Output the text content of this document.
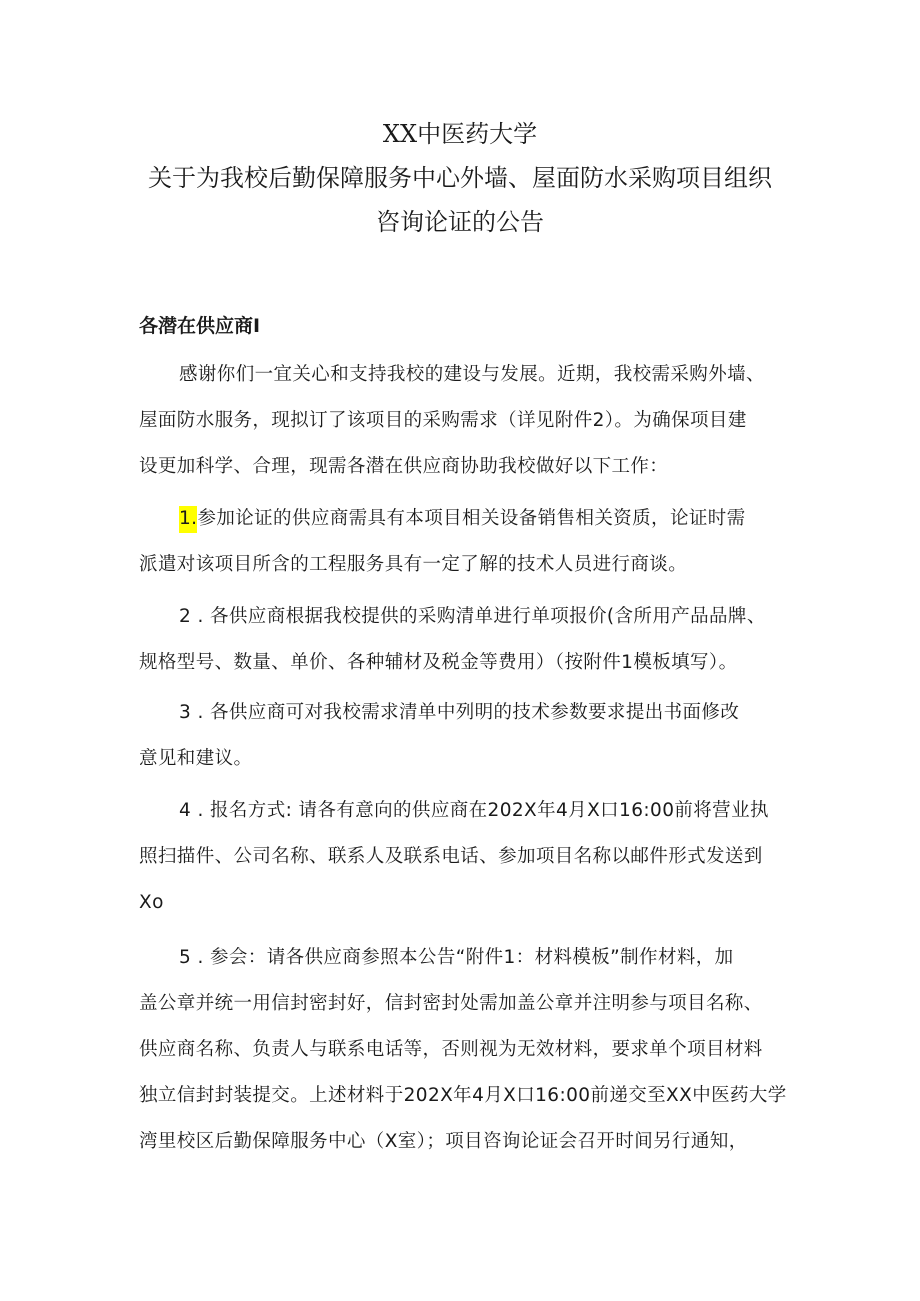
XX中医药大学
关于为我校后勤保障服务中心外墙、屋面防水采购项目组织
咨询论证的公告
各潜在供应商I
感谢你们一宜关心和支持我校的建设与发展。近期，我校需采购外墙、
屋面防水服务，现拟订了该项目的采购需求（详见附件2）。为确保项目建
设更加科学、合理，现需各潜在供应商协助我校做好以下工作：
1.参加论证的供应商需具有本项目相关设备销售相关资质，论证时需
派遣对该项目所含的工程服务具有一定了解的技术人员进行商谈。
2 . 各供应商根据我校提供的采购清单进行单项报价(含所用产品品牌、
规格型号、数量、单价、各种辅材及税金等费用）（按附件1模板填写）。
3 . 各供应商可对我校需求清单中列明的技术参数要求提出书面修改
意见和建议。
4 . 报名方式: 请各有意向的供应商在202X年4月X口16:00前将营业执
照扫描件、公司名称、联系人及联系电话、参加项目名称以邮件形式发送到
Xo
5 . 参会：请各供应商参照本公告“附件1：材料模板”制作材料，加
盖公章并统一用信封密封好，信封密封处需加盖公章并注明参与项目名称、
供应商名称、负责人与联系电话等，否则视为无效材料，要求单个项目材料
独立信封封装提交。上述材料于202X年4月X口16:00前递交至XX中医药大学
湾里校区后勤保障服务中心（X室）；项目咨询论证会召开时间另行通知，
